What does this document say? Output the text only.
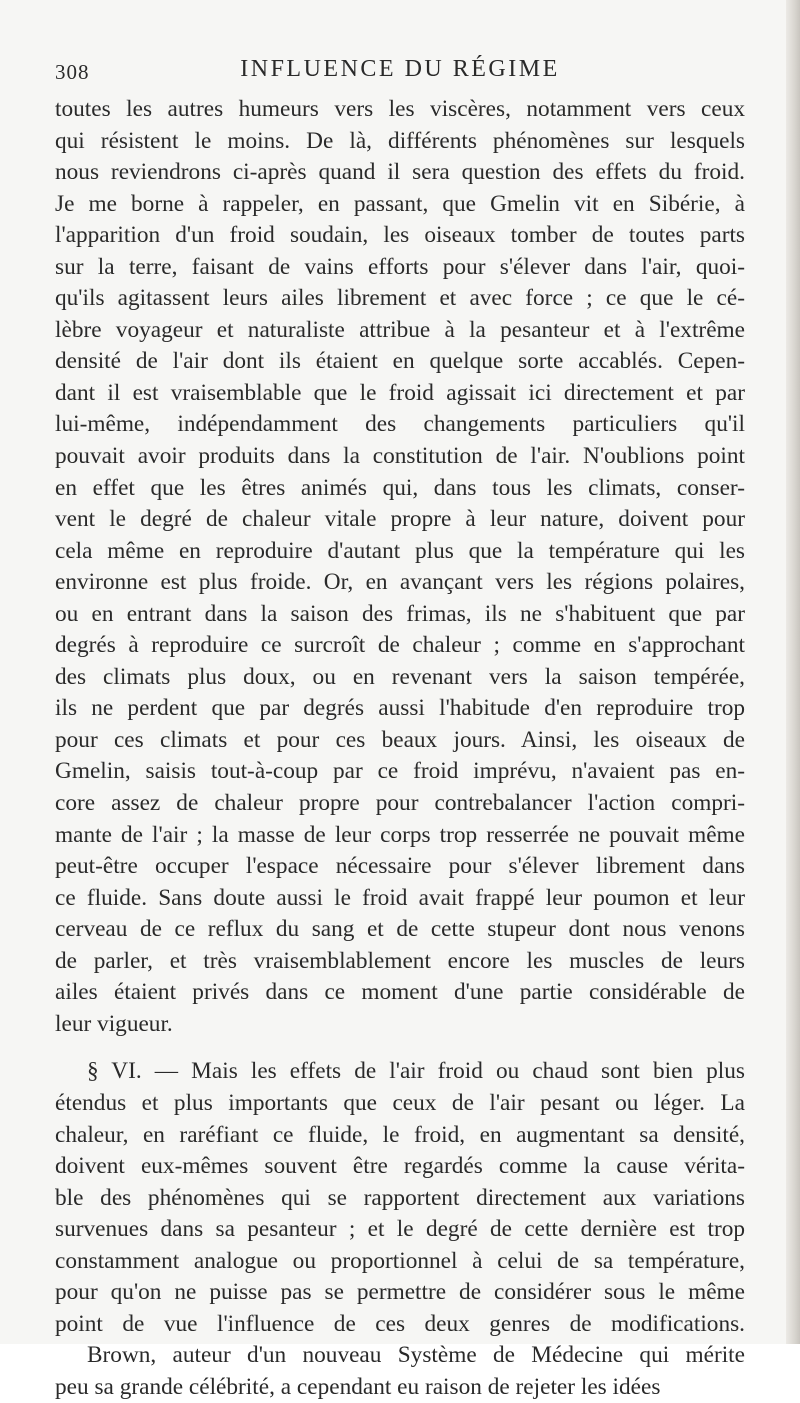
308	INFLUENCE DU RÉGIME
toutes les autres humeurs vers les viscères, notamment vers ceux
qui résistent le moins. De là, différents phénomènes sur lesquels
nous reviendrons ci-après quand il sera question des effets du froid.
Je me borne à rappeler, en passant, que Gmelin vit en Sibérie, à
l'apparition d'un froid soudain, les oiseaux tomber de toutes parts
sur la terre, faisant de vains efforts pour s'élever dans l'air, quoi-
qu'ils agitassent leurs ailes librement et avec force ; ce que le cé-
lèbre voyageur et naturaliste attribue à la pesanteur et à l'extrême
densité de l'air dont ils étaient en quelque sorte accablés. Cepen-
dant il est vraisemblable que le froid agissait ici directement et par
lui-même, indépendamment des changements particuliers qu'il
pouvait avoir produits dans la constitution de l'air. N'oublions point
en effet que les êtres animés qui, dans tous les climats, conser-
vent le degré de chaleur vitale propre à leur nature, doivent pour
cela même en reproduire d'autant plus que la température qui les
environne est plus froide. Or, en avançant vers les régions polaires,
ou en entrant dans la saison des frimas, ils ne s'habituent que par
degrés à reproduire ce surcroît de chaleur ; comme en s'approchant
des climats plus doux, ou en revenant vers la saison tempérée,
ils ne perdent que par degrés aussi l'habitude d'en reproduire trop
pour ces climats et pour ces beaux jours. Ainsi, les oiseaux de
Gmelin, saisis tout-à-coup par ce froid imprévu, n'avaient pas en-
core assez de chaleur propre pour contrebalancer l'action compri-
mante de l'air ; la masse de leur corps trop resserrée ne pouvait même
peut-être occuper l'espace nécessaire pour s'élever librement dans
ce fluide. Sans doute aussi le froid avait frappé leur poumon et leur
cerveau de ce reflux du sang et de cette stupeur dont nous venons
de parler, et très vraisemblablement encore les muscles de leurs
ailes étaient privés dans ce moment d'une partie considérable de
leur vigueur.
§ VI. — Mais les effets de l'air froid ou chaud sont bien plus
étendus et plus importants que ceux de l'air pesant ou léger. La
chaleur, en raréfiant ce fluide, le froid, en augmentant sa densité,
doivent eux-mêmes souvent être regardés comme la cause vérita-
ble des phénomènes qui se rapportent directement aux variations
survenues dans sa pesanteur ; et le degré de cette dernière est trop
constamment analogue ou proportionnel à celui de sa température,
pour qu'on ne puisse pas se permettre de considérer sous le même
point de vue l'influence de ces deux genres de modifications.
Brown, auteur d'un nouveau Système de Médecine qui mérite
peu sa grande célébrité, a cependant eu raison de rejeter les idées
